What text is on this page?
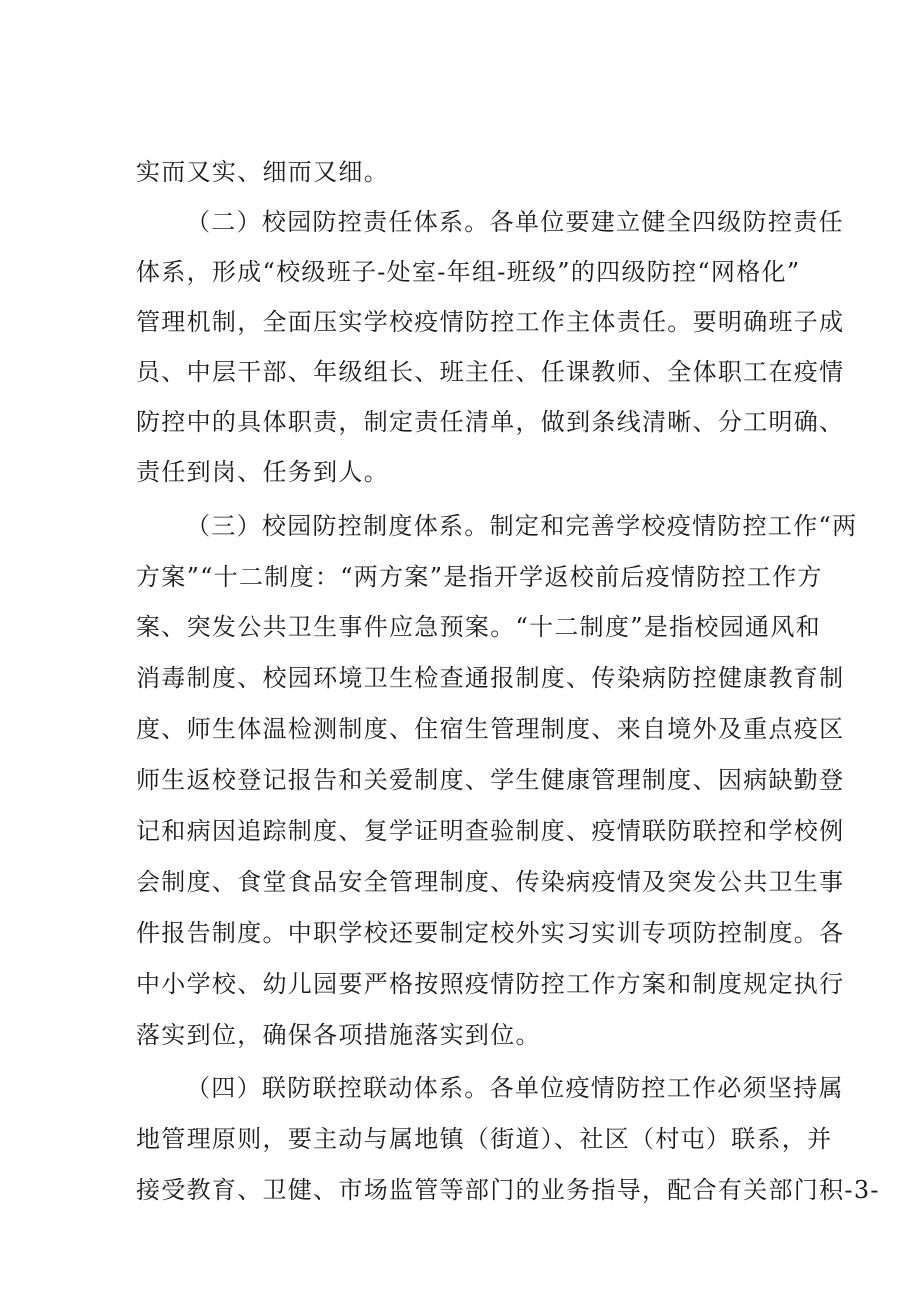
实而又实、细而又细。
（二）校园防控责任体系。各单位要建立健全四级防控责任
体系，形成“校级班子-处室-年组-班级”的四级防控“网格化”
管理机制，全面压实学校疫情防控工作主体责任。要明确班子成
员、中层干部、年级组长、班主任、任课教师、全体职工在疫情
防控中的具体职责，制定责任清单，做到条线清晰、分工明确、
责任到岗、任务到人。
（三）校园防控制度体系。制定和完善学校疫情防控工作“两
方案”“十二制度：“两方案”是指开学返校前后疫情防控工作方
案、突发公共卫生事件应急预案。“十二制度”是指校园通风和
消毒制度、校园环境卫生检查通报制度、传染病防控健康教育制
度、师生体温检测制度、住宿生管理制度、来自境外及重点疫区
师生返校登记报告和关爱制度、学生健康管理制度、因病缺勤登
记和病因追踪制度、复学证明查验制度、疫情联防联控和学校例
会制度、食堂食品安全管理制度、传染病疫情及突发公共卫生事
件报告制度。中职学校还要制定校外实习实训专项防控制度。各
中小学校、幼儿园要严格按照疫情防控工作方案和制度规定执行
落实到位，确保各项措施落实到位。
（四）联防联控联动体系。各单位疫情防控工作必须坚持属
地管理原则，要主动与属地镇（街道）、社区（村屯）联系，并
接受教育、卫健、市场监管等部门的业务指导，配合有关部门积-3-
